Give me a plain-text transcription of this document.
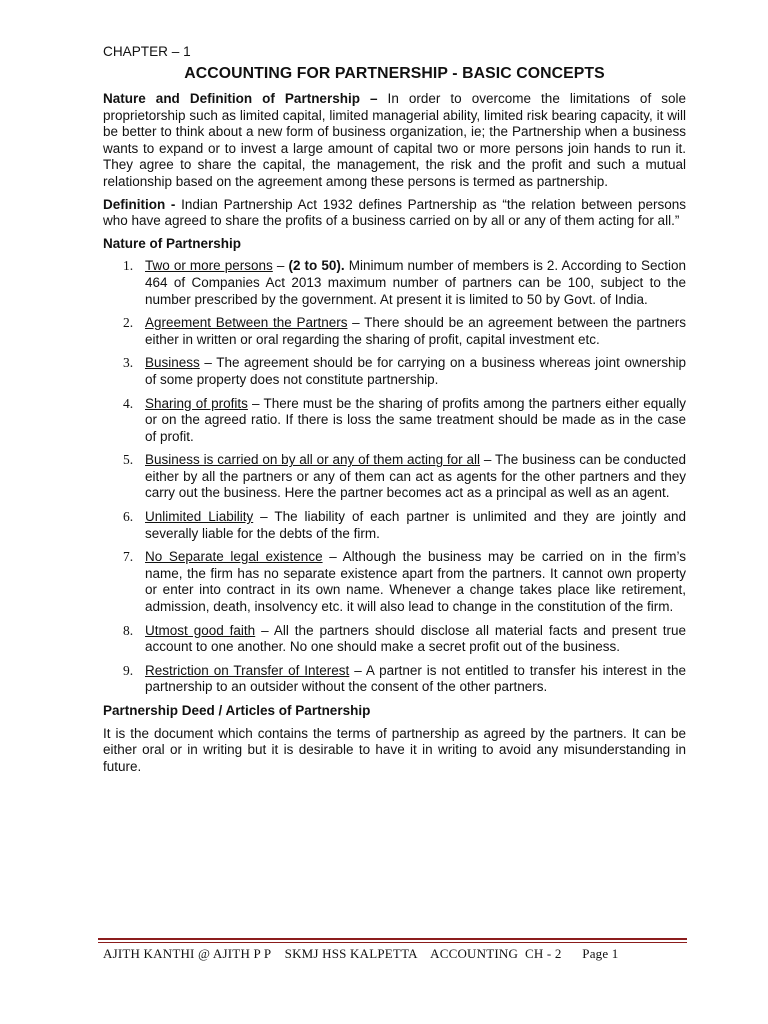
CHAPTER – 1
ACCOUNTING FOR PARTNERSHIP - BASIC CONCEPTS

Nature and Definition of Partnership – In order to overcome the limitations of sole proprietorship such as limited capital, limited managerial ability, limited risk bearing capacity, it will be better to think about a new form of business organization, ie; the Partnership when a business wants to expand or to invest a large amount of capital two or more persons join hands to run it. They agree to share the capital, the management, the risk and the profit and such a mutual relationship based on the agreement among these persons is termed as partnership.

Definition - Indian Partnership Act 1932 defines Partnership as “the relation between persons who have agreed to share the profits of a business carried on by all or any of them acting for all.”

Nature of Partnership
1. Two or more persons – (2 to 50). Minimum number of members is 2. According to Section 464 of Companies Act 2013 maximum number of partners can be 100, subject to the number prescribed by the government. At present it is limited to 50 by Govt. of India.
2. Agreement Between the Partners – There should be an agreement between the partners either in written or oral regarding the sharing of profit, capital investment etc.
3. Business – The agreement should be for carrying on a business whereas joint ownership of some property does not constitute partnership.
4. Sharing of profits – There must be the sharing of profits among the partners either equally or on the agreed ratio. If there is loss the same treatment should be made as in the case of profit.
5. Business is carried on by all or any of them acting for all – The business can be conducted either by all the partners or any of them can act as agents for the other partners and they carry out the business. Here the partner becomes act as a principal as well as an agent.
6. Unlimited Liability – The liability of each partner is unlimited and they are jointly and severally liable for the debts of the firm.
7. No Separate legal existence – Although the business may be carried on in the firm’s name, the firm has no separate existence apart from the partners. It cannot own property or enter into contract in its own name. Whenever a change takes place like retirement, admission, death, insolvency etc. it will also lead to change in the constitution of the firm.
8. Utmost good faith – All the partners should disclose all material facts and present true account to one another. No one should make a secret profit out of the business.
9. Restriction on Transfer of Interest – A partner is not entitled to transfer his interest in the partnership to an outsider without the consent of the other partners.
Partnership Deed / Articles of Partnership

It is the document which contains the terms of partnership as agreed by the partners. It can be either oral or in writing but it is desirable to have it in writing to avoid any misunderstanding in future.

AJITH KANTHI @ AJITH P P SKMJ HSS KALPETTA ACCOUNTING  CH - 2 Page 1
